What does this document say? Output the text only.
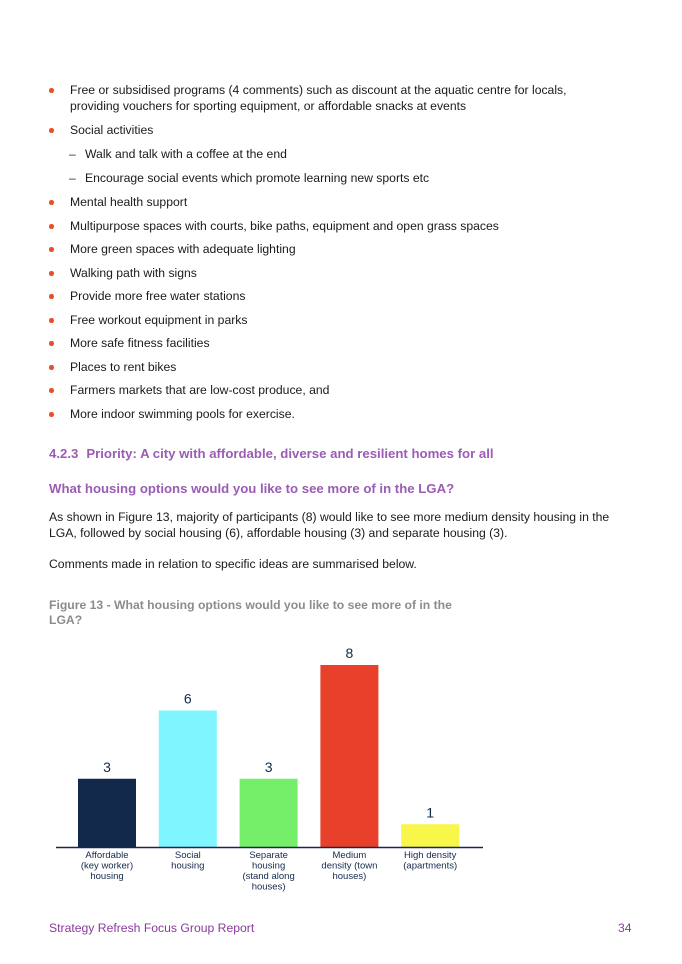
Free or subsidised programs (4 comments) such as discount at the aquatic centre for locals,
providing vouchers for sporting equipment, or affordable snacks at events
Social activities
– Walk and talk with a coffee at the end
– Encourage social events which promote learning new sports etc
Mental health support
Multipurpose spaces with courts, bike paths, equipment and open grass spaces
More green spaces with adequate lighting
Walking path with signs
Provide more free water stations
Free workout equipment in parks
More safe fitness facilities
Places to rent bikes
Farmers markets that are low-cost produce, and
More indoor swimming pools for exercise.
4.2.3 Priority: A city with affordable, diverse and resilient homes for all
What housing options would you like to see more of in the LGA?

As shown in Figure 13, majority of participants (8) would like to see more medium density housing in the
LGA, followed by social housing (6), affordable housing (3) and separate housing (3).

Comments made in relation to specific ideas are summarised below.

Figure 13 - What housing options would you like to see more of in the
LGA?

3
Affordable
(key worker)
housing
6
Social
housing
3
Separate
housing
(stand along
houses)
8
Medium
density (town
houses)
1
High density
(apartments)
Strategy Refresh Focus Group Report	34
